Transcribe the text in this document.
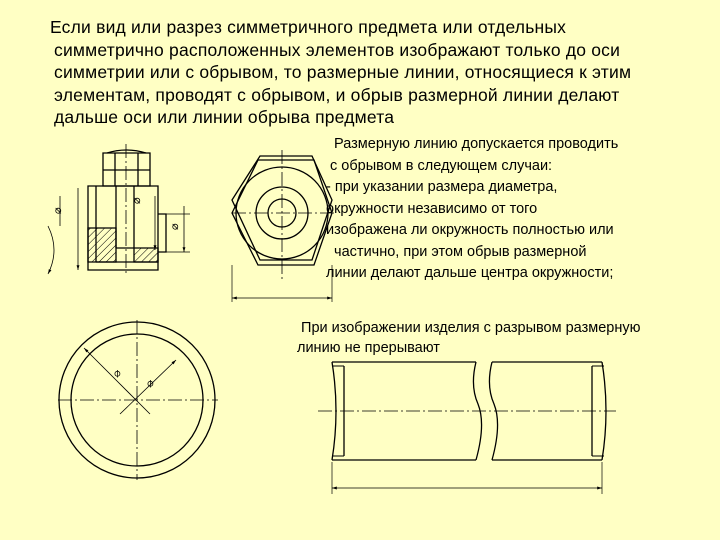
Если вид или разрез симметричного предмета или отдельных
симметрично расположенных элементов изображают только до оси
симметрии или с обрывом, то размерные линии, относящиеся к этим
элементам, проводят с обрывом, и обрыв размерной линии делают
дальше оси или линии обрыва предмета
Размерную линию допускается проводить
с обрывом в следующем случаи:
- при указании размера диаметра,
окружности независимо от того
изображена ли окружность полностью или
частично, при этом обрыв размерной
линии делают дальше центра окружности;
При изображении изделия с разрывом размерную
линию не прерывают
⌀
⌀
⌀
⌀
⌀
